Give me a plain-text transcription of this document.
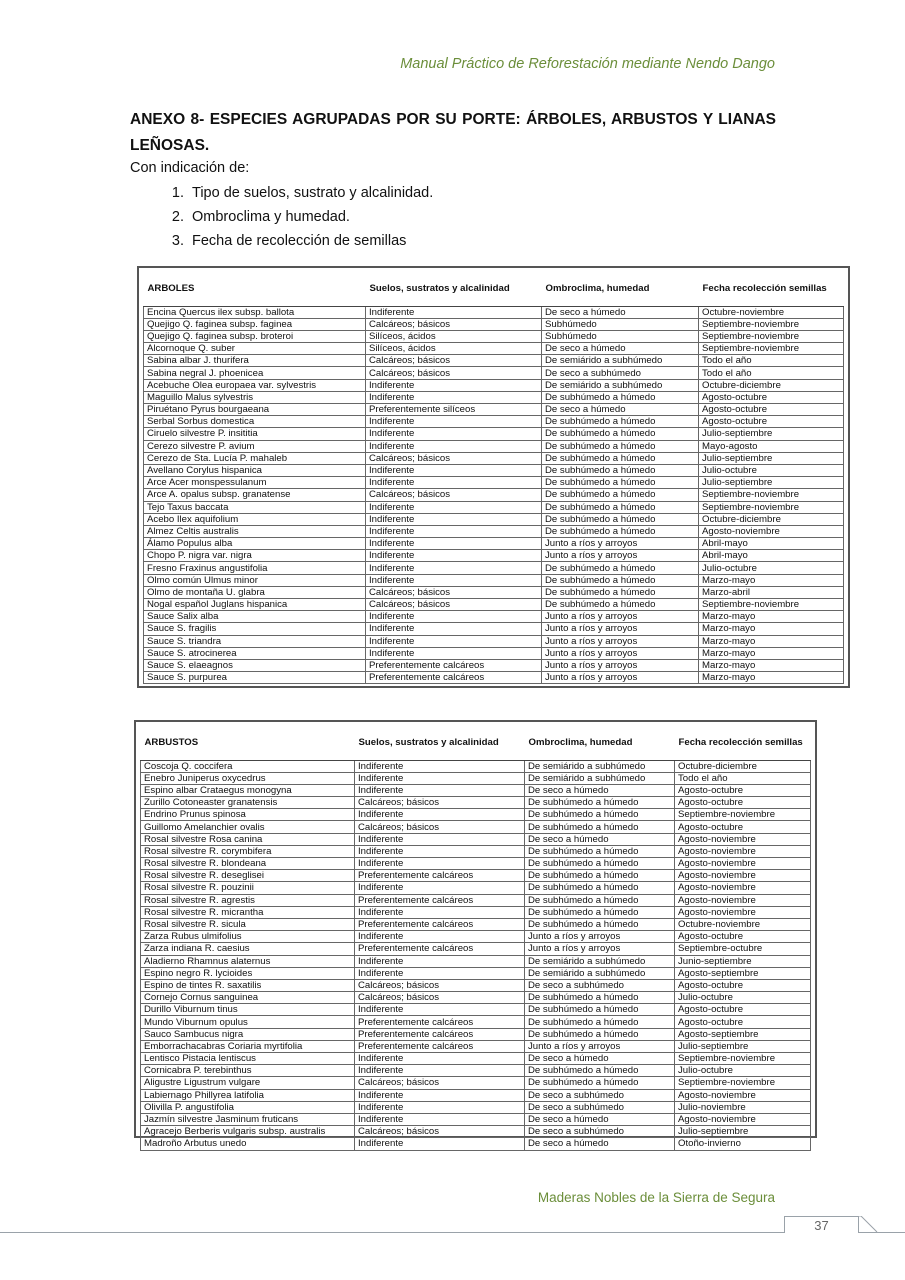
Manual Práctico de Reforestación mediante Nendo Dango
ANEXO 8- ESPECIES AGRUPADAS POR SU PORTE: ÁRBOLES, ARBUSTOS Y LIANAS LEÑOSAS.
Con indicación de:
1. Tipo de suelos, sustrato y alcalinidad.
2. Ombroclima y humedad.
3. Fecha de recolección de semillas
ARBOLES	Suelos, sustratos y alcalinidad	Ombroclima, humedad	Fecha recolección semillas
Encina Quercus ilex subsp. ballota	Indiferente	De seco a húmedo	Octubre-noviembre
Quejigo Q. faginea subsp. faginea	Calcáreos; básicos	Subhúmedo	Septiembre-noviembre
Quejigo Q. faginea subsp. broteroi	Silíceos, ácidos	Subhúmedo	Septiembre-noviembre
Alcornoque Q. suber	Silíceos, ácidos	De seco a húmedo	Septiembre-noviembre
Sabina albar J. thurifera	Calcáreos; básicos	De semiárido a subhúmedo	Todo el año
Sabina negral J. phoenicea	Calcáreos; básicos	De seco a subhúmedo	Todo el año
Acebuche Olea europaea var. sylvestris	Indiferente	De semiárido a subhúmedo	Octubre-diciembre
Maguillo Malus sylvestris	Indiferente	De subhúmedo a húmedo	Agosto-octubre
Piruétano Pyrus bourgaeana	Preferentemente silíceos	De seco a húmedo	Agosto-octubre
Serbal Sorbus domestica	Indiferente	De subhúmedo a húmedo	Agosto-octubre
Ciruelo silvestre P. insititia	Indiferente	De subhúmedo a húmedo	Julio-septiembre
Cerezo silvestre P. avium	Indiferente	De subhúmedo a húmedo	Mayo-agosto
Cerezo de Sta. Lucía P. mahaleb	Calcáreos; básicos	De subhúmedo a húmedo	Julio-septiembre
Avellano Corylus hispanica	Indiferente	De subhúmedo a húmedo	Julio-octubre
Arce Acer monspessulanum	Indiferente	De subhúmedo a húmedo	Julio-septiembre
Arce A. opalus subsp. granatense	Calcáreos; básicos	De subhúmedo a húmedo	Septiembre-noviembre
Tejo Taxus baccata	Indiferente	De subhúmedo a húmedo	Septiembre-noviembre
Acebo Ilex aquifolium	Indiferente	De subhúmedo a húmedo	Octubre-diciembre
Almez Celtis australis	Indiferente	De subhúmedo a húmedo	Agosto-noviembre
Álamo Populus alba	Indiferente	Junto a ríos y arroyos	Abril-mayo
Chopo P. nigra var. nigra	Indiferente	Junto a ríos y arroyos	Abril-mayo
Fresno Fraxinus angustifolia	Indiferente	De subhúmedo a húmedo	Julio-octubre
Olmo común Ulmus minor	Indiferente	De subhúmedo a húmedo	Marzo-mayo
Olmo de montaña U. glabra	Calcáreos; básicos	De subhúmedo a húmedo	Marzo-abril
Nogal español Juglans hispanica	Calcáreos; básicos	De subhúmedo a húmedo	Septiembre-noviembre
Sauce Salix alba	Indiferente	Junto a ríos y arroyos	Marzo-mayo
Sauce S. fragilis	Indiferente	Junto a ríos y arroyos	Marzo-mayo
Sauce S. triandra	Indiferente	Junto a ríos y arroyos	Marzo-mayo
Sauce S. atrocinerea	Indiferente	Junto a ríos y arroyos	Marzo-mayo
Sauce S. elaeagnos	Preferentemente calcáreos	Junto a ríos y arroyos	Marzo-mayo
Sauce S. purpurea	Preferentemente calcáreos	Junto a ríos y arroyos	Marzo-mayo
ARBUSTOS	Suelos, sustratos y alcalinidad	Ombroclima, humedad	Fecha recolección semillas
Coscoja Q. coccifera	Indiferente	De semiárido a subhúmedo	Octubre-diciembre
Enebro Juniperus oxycedrus	Indiferente	De semiárido a subhúmedo	Todo el año
Espino albar Crataegus monogyna	Indiferente	De seco a húmedo	Agosto-octubre
Zurillo Cotoneaster granatensis	Calcáreos; básicos	De subhúmedo a húmedo	Agosto-octubre
Endrino Prunus spinosa	Indiferente	De subhúmedo a húmedo	Septiembre-noviembre
Guillomo Amelanchier ovalis	Calcáreos; básicos	De subhúmedo a húmedo	Agosto-octubre
Rosal silvestre Rosa canina	Indiferente	De seco a húmedo	Agosto-noviembre
Rosal silvestre R. corymbifera	Indiferente	De subhúmedo a húmedo	Agosto-noviembre
Rosal silvestre R. blondeana	Indiferente	De subhúmedo a húmedo	Agosto-noviembre
Rosal silvestre R. deseglisei	Preferentemente calcáreos	De subhúmedo a húmedo	Agosto-noviembre
Rosal silvestre R. pouzinii	Indiferente	De subhúmedo a húmedo	Agosto-noviembre
Rosal silvestre R. agrestis	Preferentemente calcáreos	De subhúmedo a húmedo	Agosto-noviembre
Rosal silvestre R. micrantha	Indiferente	De subhúmedo a húmedo	Agosto-noviembre
Rosal silvestre R. sicula	Preferentemente calcáreos	De subhúmedo a húmedo	Octubre-noviembre
Zarza Rubus ulmifolius	Indiferente	Junto a ríos y arroyos	Agosto-octubre
Zarza indiana R. caesius	Preferentemente calcáreos	Junto a ríos y arroyos	Septiembre-octubre
Aladierno Rhamnus alaternus	Indiferente	De semiárido a subhúmedo	Junio-septiembre
Espino negro R. lycioides	Indiferente	De semiárido a subhúmedo	Agosto-septiembre
Espino de tintes R. saxatilis	Calcáreos; básicos	De seco a subhúmedo	Agosto-octubre
Cornejo Cornus sanguinea	Calcáreos; básicos	De subhúmedo a húmedo	Julio-octubre
Durillo Viburnum tinus	Indiferente	De subhúmedo a húmedo	Agosto-octubre
Mundo Viburnum opulus	Preferentemente calcáreos	De subhúmedo a húmedo	Agosto-octubre
Sauco Sambucus nigra	Preferentemente calcáreos	De subhúmedo a húmedo	Agosto-septiembre
Emborrachacabras Coriaria myrtifolia	Preferentemente calcáreos	Junto a ríos y arroyos	Julio-septiembre
Lentisco Pistacia lentiscus	Indiferente	De seco a húmedo	Septiembre-noviembre
Cornicabra P. terebinthus	Indiferente	De subhúmedo a húmedo	Julio-octubre
Aligustre Ligustrum vulgare	Calcáreos; básicos	De subhúmedo a húmedo	Septiembre-noviembre
Labiernago Phillyrea latifolia	Indiferente	De seco a subhúmedo	Agosto-noviembre
Olivilla P. angustifolia	Indiferente	De seco a subhúmedo	Julio-noviembre
Jazmín silvestre Jasminum fruticans	Indiferente	De seco a húmedo	Agosto-noviembre
Agracejo Berberis vulgaris subsp. australis	Calcáreos; básicos	De seco a subhúmedo	Julio-septiembre
Madroño Arbutus unedo	Indiferente	De seco a húmedo	Otoño-invierno
Maderas Nobles de la Sierra de Segura
37
